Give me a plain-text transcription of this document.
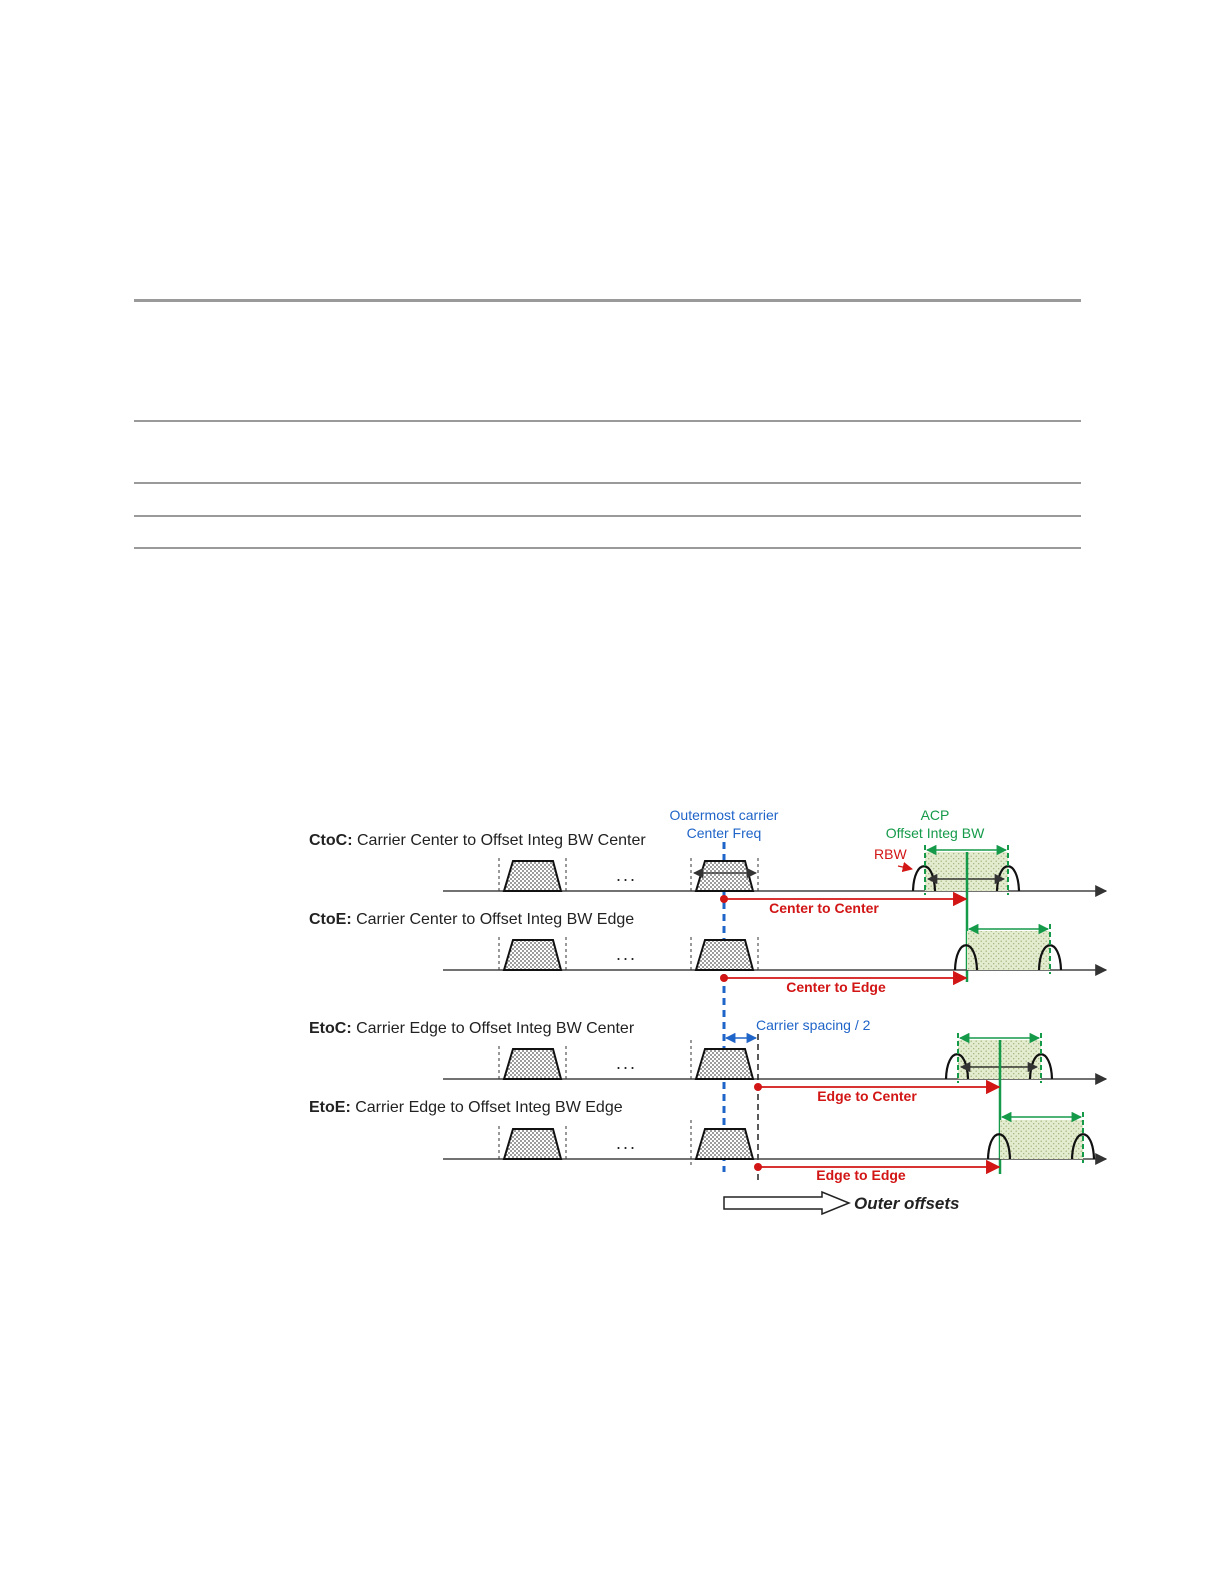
Outermost carrier
Center Freq
ACP
Offset Integ BW
RBW
CtoC: Carrier Center to Offset Integ BW Center
...
Center to Center
CtoE: Carrier Center to Offset Integ BW Edge
...
Center to Edge
EtoC: Carrier Edge to Offset Integ BW Center	Carrier spacing / 2
...
Edge to Center
EtoE: Carrier Edge to Offset Integ BW Edge
...
Edge to Edge
Outer offsets
